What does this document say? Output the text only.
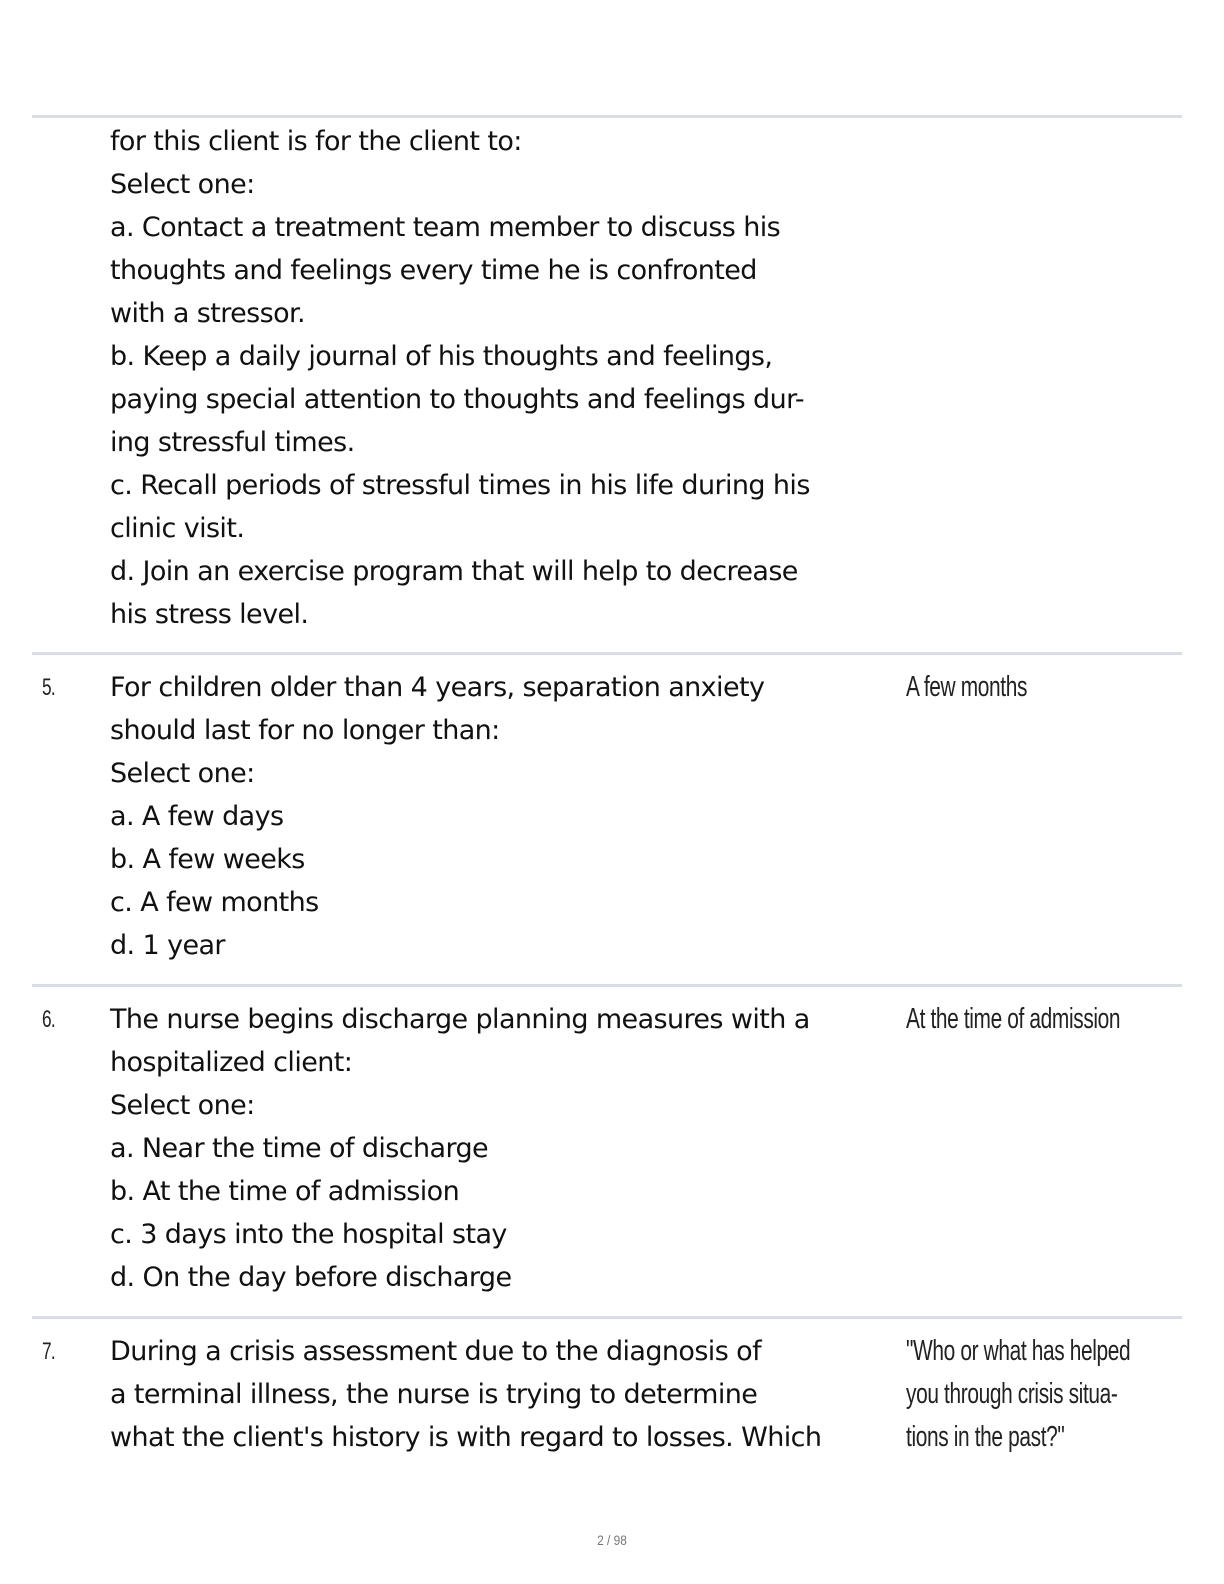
for this client is for the client to:
Select one:
a. Contact a treatment team member to discuss his
thoughts and feelings every time he is confronted
with a stressor.
b. Keep a daily journal of his thoughts and feelings,
paying special attention to thoughts and feelings dur-
ing stressful times.
c. Recall periods of stressful times in his life during his
clinic visit.
d. Join an exercise program that will help to decrease
his stress level.
5. For children older than 4 years, separation anxiety
should last for no longer than:
Select one:
a. A few days
b. A few weeks
c. A few months
d. 1 year
A few months
6. The nurse begins discharge planning measures with a
hospitalized client:
Select one:
a. Near the time of discharge
b. At the time of admission
c. 3 days into the hospital stay
d. On the day before discharge
At the time of admission
7. During a crisis assessment due to the diagnosis of
a terminal illness, the nurse is trying to determine
what the client's history is with regard to losses. Which
"Who or what has helped
you through crisis situa-
tions in the past?"
2 / 98
